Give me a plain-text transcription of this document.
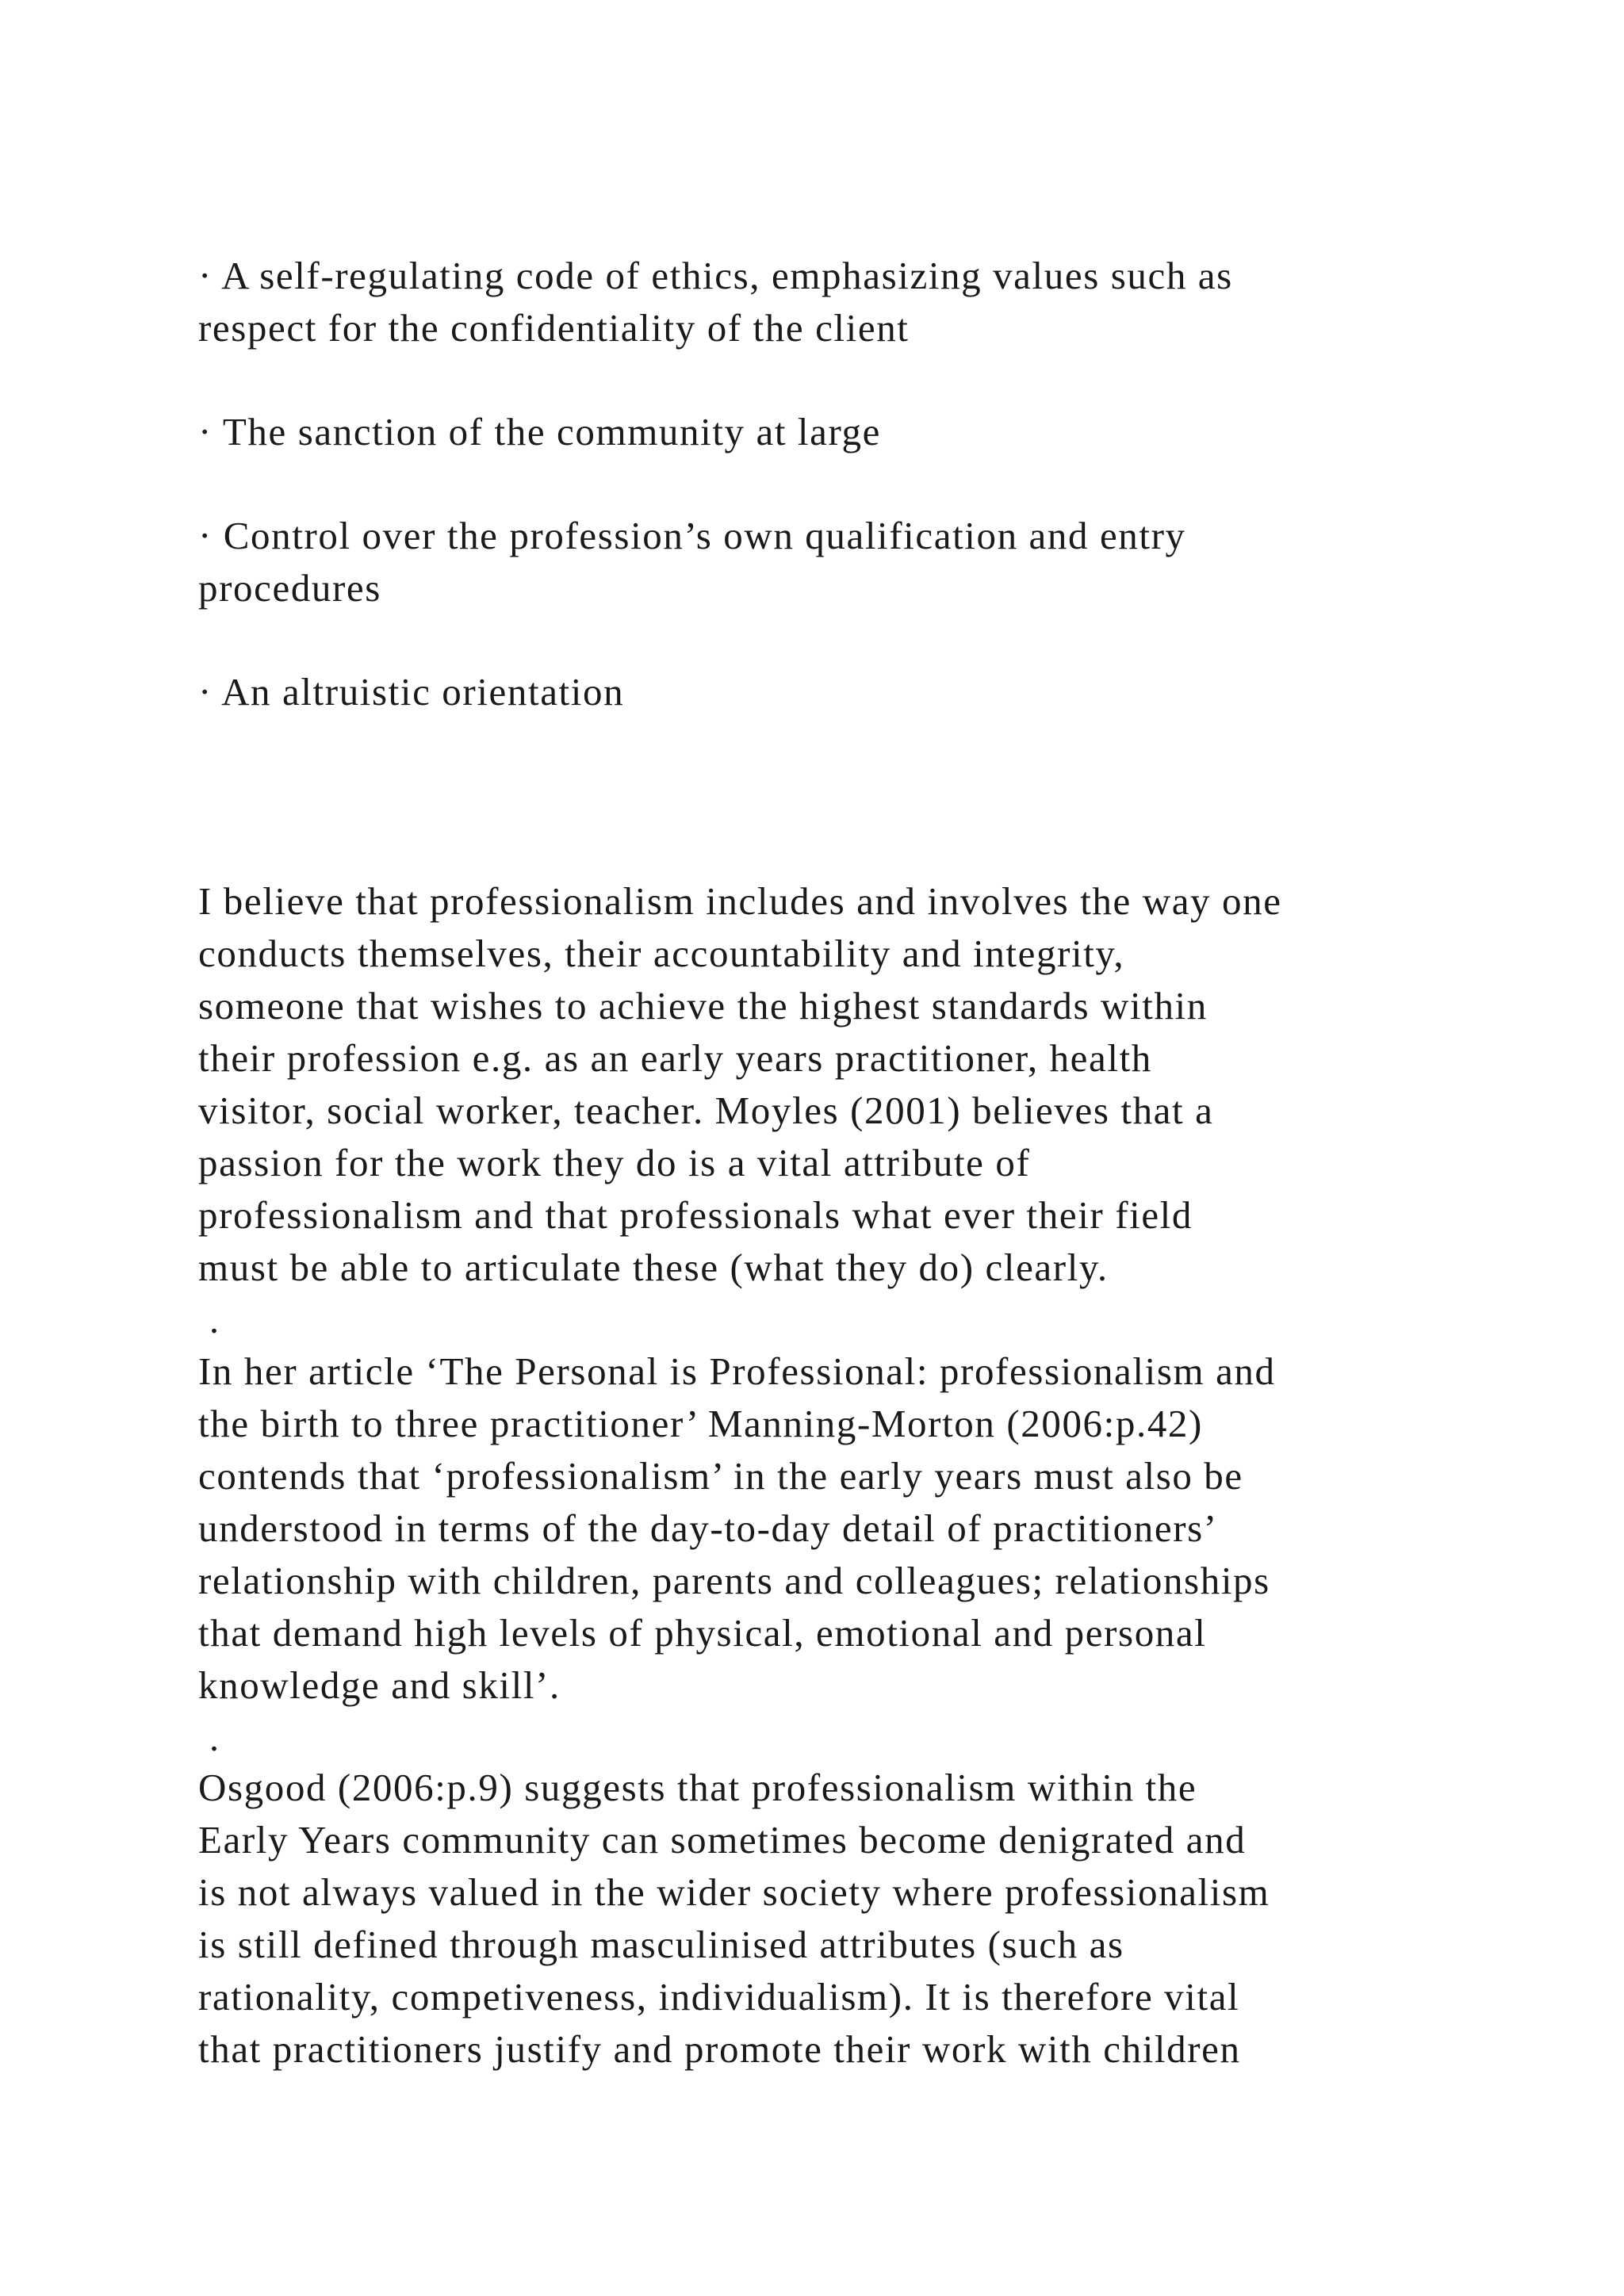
· A self-regulating code of ethics, emphasizing values such as
respect for the confidentiality of the client
· The sanction of the community at large
· Control over the profession’s own qualification and entry
procedures
· An altruistic orientation
I believe that professionalism includes and involves the way one
conducts themselves, their accountability and integrity,
someone that wishes to achieve the highest standards within
their profession e.g. as an early years practitioner, health
visitor, social worker, teacher. Moyles (2001) believes that a
passion for the work they do is a vital attribute of
professionalism and that professionals what ever their field
must be able to articulate these (what they do) clearly.
.
In her article ‘The Personal is Professional: professionalism and
the birth to three practitioner’ Manning-Morton (2006:p.42)
contends that ‘professionalism’ in the early years must also be
understood in terms of the day-to-day detail of practitioners’
relationship with children, parents and colleagues; relationships
that demand high levels of physical, emotional and personal
knowledge and skill’.
.
Osgood (2006:p.9) suggests that professionalism within the
Early Years community can sometimes become denigrated and
is not always valued in the wider society where professionalism
is still defined through masculinised attributes (such as
rationality, competiveness, individualism). It is therefore vital
that practitioners justify and promote their work with children
